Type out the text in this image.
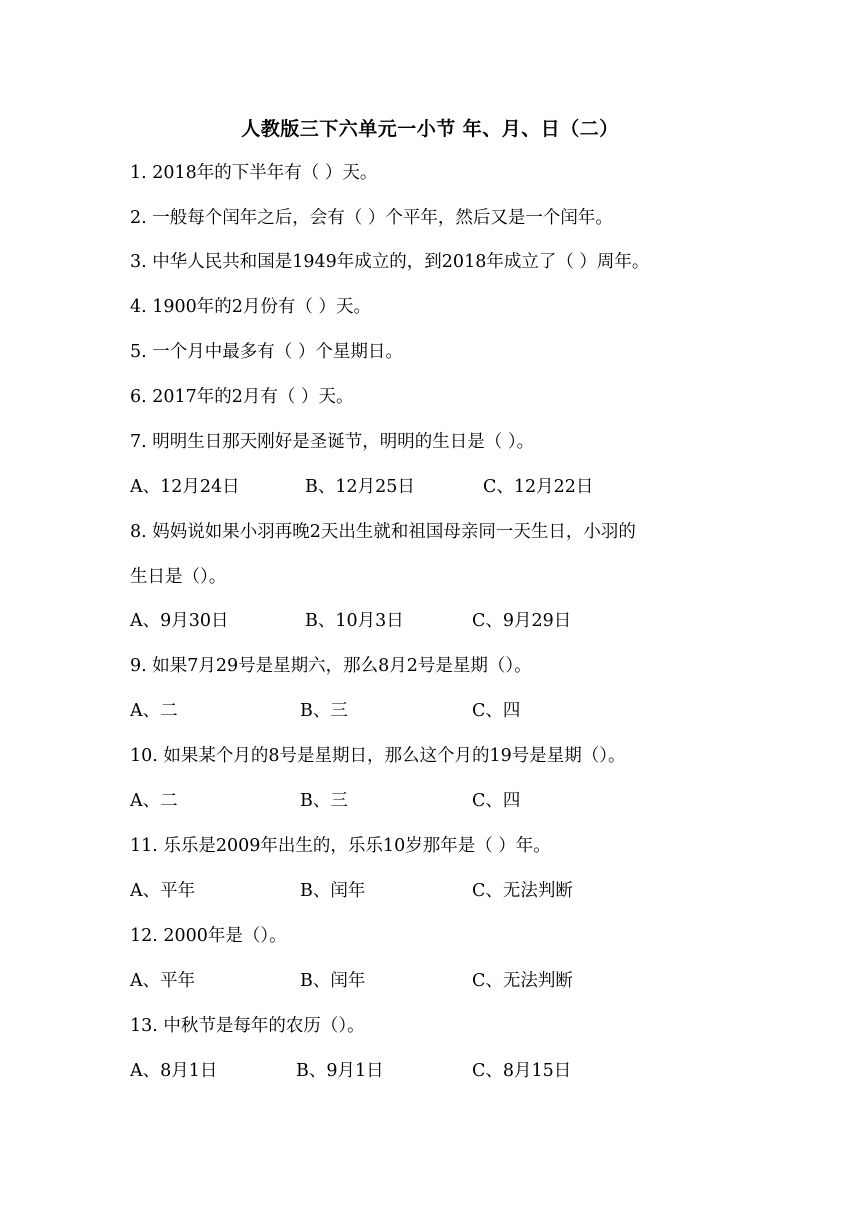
人教版三下六单元一小节 年、月、日（二）
1. 2018年的下半年有（ ）天。
2. 一般每个闰年之后，会有（ ）个平年，然后又是一个闰年。
3. 中华人民共和国是1949年成立的，到2018年成立了（ ）周年。
4. 1900年的2月份有（ ）天。
5. 一个月中最多有（ ）个星期日。
6. 2017年的2月有（ ）天。
7. 明明生日那天刚好是圣诞节，明明的生日是（ ）。
A、12月24日	B、12月25日	C、12月22日
8. 妈妈说如果小羽再晚2天出生就和祖国母亲同一天生日，小羽的
生日是（）。
A、9月30日	B、10月3日	C、9月29日
9. 如果7月29号是星期六，那么8月2号是星期（）。
A、二	B、三	C、四
10. 如果某个月的8号是星期日，那么这个月的19号是星期（）。
A、二	B、三	C、四
11. 乐乐是2009年出生的，乐乐10岁那年是（ ）年。
A、平年	B、闰年	C、无法判断
12. 2000年是（）。
A、平年	B、闰年	C、无法判断
13. 中秋节是每年的农历（）。
A、8月1日	B、9月1日	C、8月15日
